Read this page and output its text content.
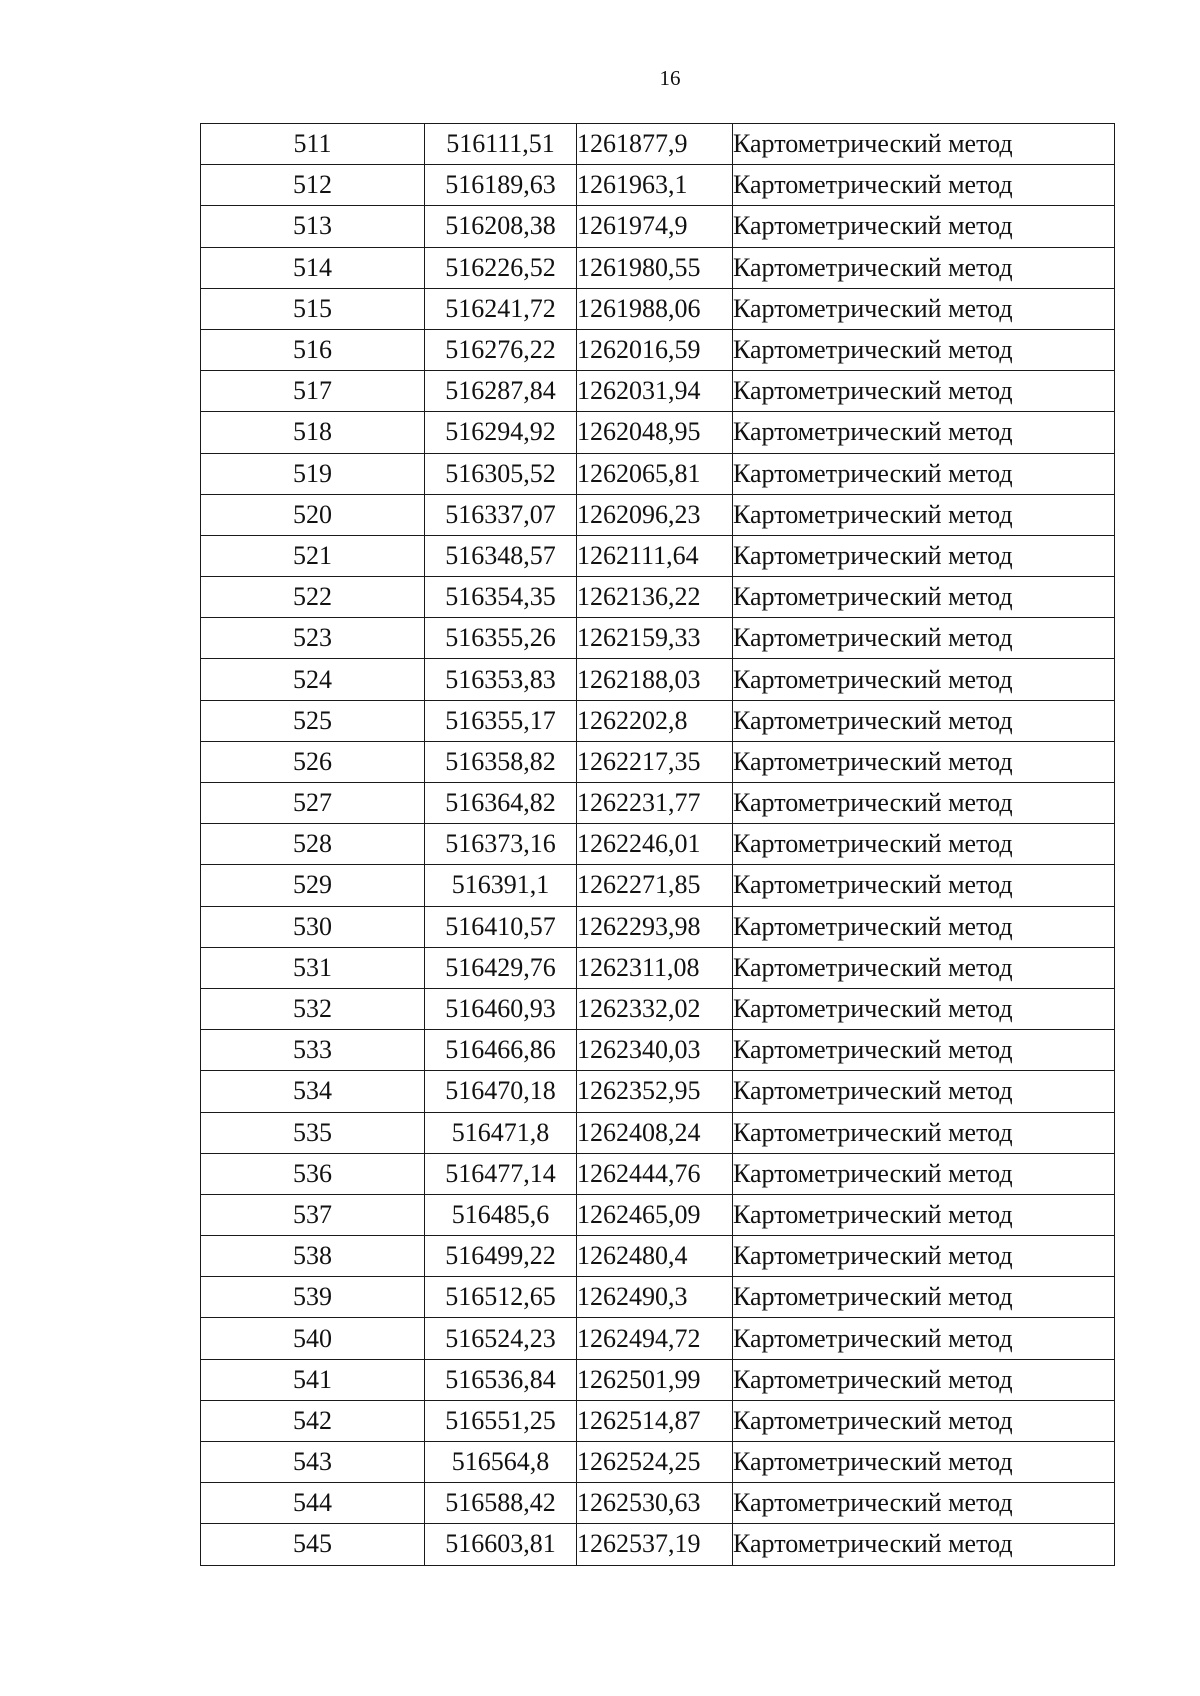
16
511	516111,51	1261877,9	Картометрический метод
512	516189,63	1261963,1	Картометрический метод
513	516208,38	1261974,9	Картометрический метод
514	516226,52	1261980,55	Картометрический метод
515	516241,72	1261988,06	Картометрический метод
516	516276,22	1262016,59	Картометрический метод
517	516287,84	1262031,94	Картометрический метод
518	516294,92	1262048,95	Картометрический метод
519	516305,52	1262065,81	Картометрический метод
520	516337,07	1262096,23	Картометрический метод
521	516348,57	1262111,64	Картометрический метод
522	516354,35	1262136,22	Картометрический метод
523	516355,26	1262159,33	Картометрический метод
524	516353,83	1262188,03	Картометрический метод
525	516355,17	1262202,8	Картометрический метод
526	516358,82	1262217,35	Картометрический метод
527	516364,82	1262231,77	Картометрический метод
528	516373,16	1262246,01	Картометрический метод
529	516391,1	1262271,85	Картометрический метод
530	516410,57	1262293,98	Картометрический метод
531	516429,76	1262311,08	Картометрический метод
532	516460,93	1262332,02	Картометрический метод
533	516466,86	1262340,03	Картометрический метод
534	516470,18	1262352,95	Картометрический метод
535	516471,8	1262408,24	Картометрический метод
536	516477,14	1262444,76	Картометрический метод
537	516485,6	1262465,09	Картометрический метод
538	516499,22	1262480,4	Картометрический метод
539	516512,65	1262490,3	Картометрический метод
540	516524,23	1262494,72	Картометрический метод
541	516536,84	1262501,99	Картометрический метод
542	516551,25	1262514,87	Картометрический метод
543	516564,8	1262524,25	Картометрический метод
544	516588,42	1262530,63	Картометрический метод
545	516603,81	1262537,19	Картометрический метод
